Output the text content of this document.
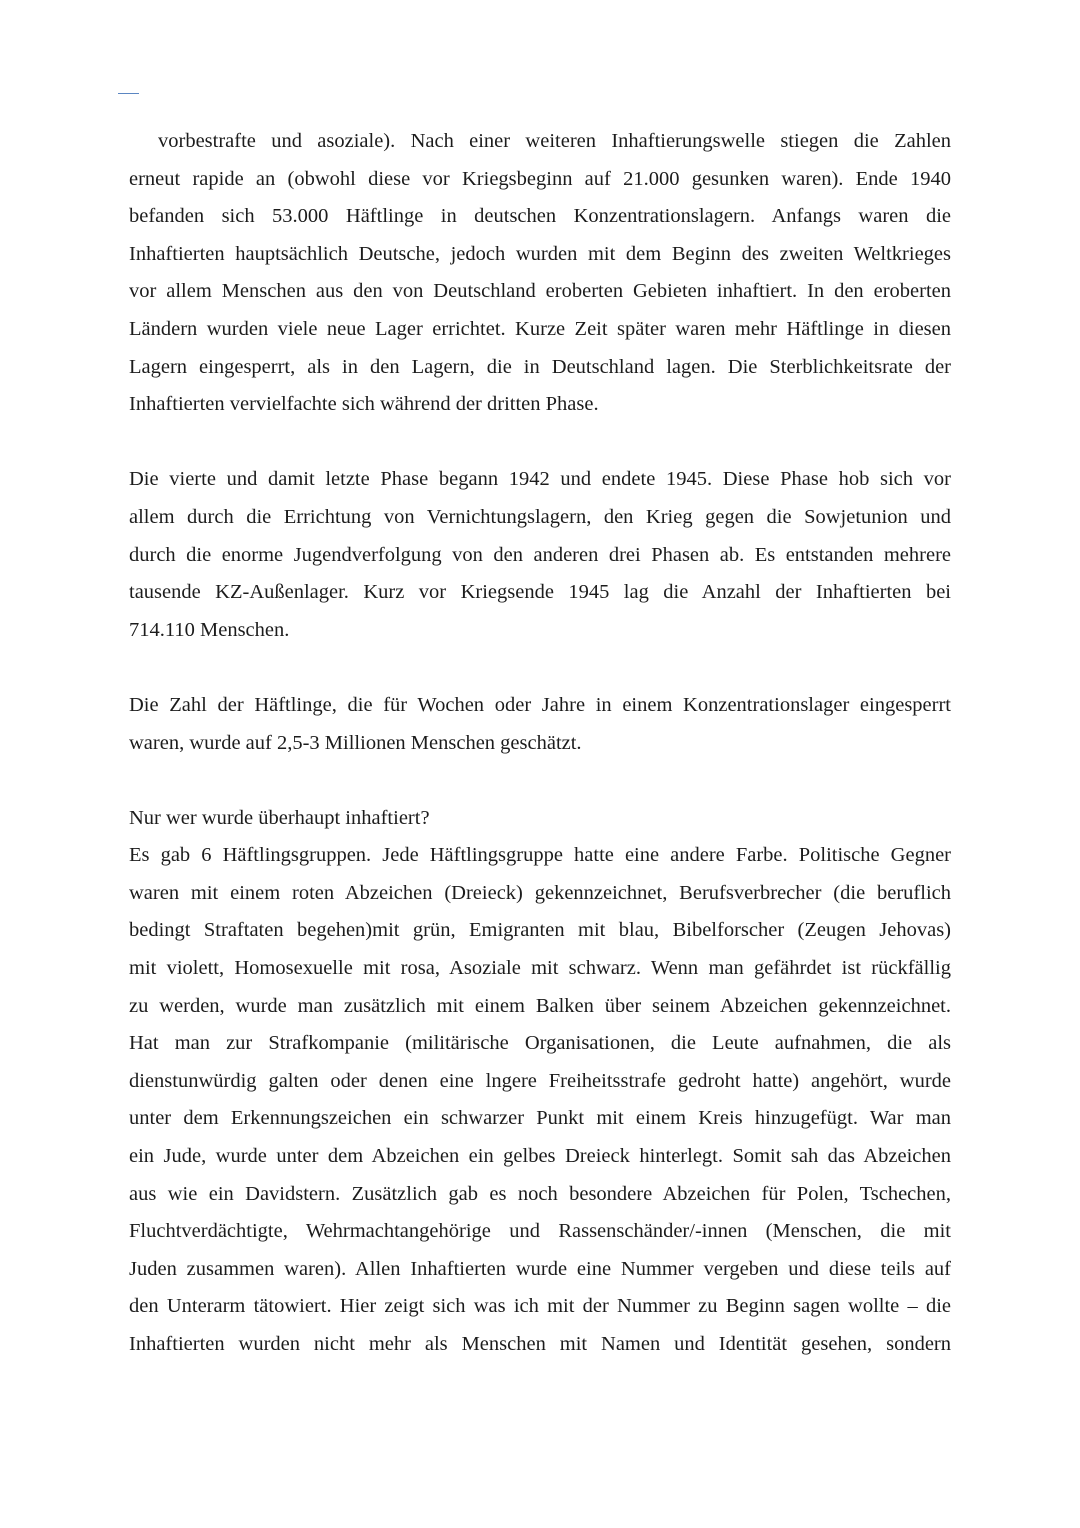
vorbestrafte und asoziale). Nach einer weiteren Inhaftierungswelle stiegen die Zahlen
erneut rapide an (obwohl diese vor Kriegsbeginn auf 21.000 gesunken waren). Ende 1940
befanden sich 53.000 Häftlinge in deutschen Konzentrationslagern. Anfangs waren die
Inhaftierten hauptsächlich Deutsche, jedoch wurden mit dem Beginn des zweiten Weltkrieges
vor allem Menschen aus den von Deutschland eroberten Gebieten inhaftiert. In den eroberten
Ländern wurden viele neue Lager errichtet. Kurze Zeit später waren mehr Häftlinge in diesen
Lagern eingesperrt, als in den Lagern, die in Deutschland lagen. Die Sterblichkeitsrate der
Inhaftierten vervielfachte sich während der dritten Phase.

Die vierte und damit letzte Phase begann 1942 und endete 1945. Diese Phase hob sich vor
allem durch die Errichtung von Vernichtungslagern, den Krieg gegen die Sowjetunion und
durch die enorme Jugendverfolgung von den anderen drei Phasen ab. Es entstanden mehrere
tausende KZ-Außenlager. Kurz vor Kriegsende 1945 lag die Anzahl der Inhaftierten bei
714.110 Menschen.

Die Zahl der Häftlinge, die für Wochen oder Jahre in einem Konzentrationslager eingesperrt
waren, wurde auf 2,5-3 Millionen Menschen geschätzt.

Nur wer wurde überhaupt inhaftiert?

Es gab 6 Häftlingsgruppen. Jede Häftlingsgruppe hatte eine andere Farbe. Politische Gegner
waren mit einem roten Abzeichen (Dreieck) gekennzeichnet, Berufsverbrecher (die beruflich
bedingt Straftaten begehen)mit grün, Emigranten mit blau, Bibelforscher (Zeugen Jehovas)
mit violett, Homosexuelle mit rosa, Asoziale mit schwarz. Wenn man gefährdet ist rückfällig
zu werden, wurde man zusätzlich mit einem Balken über seinem Abzeichen gekennzeichnet.
Hat man zur Strafkompanie (militärische Organisationen, die Leute aufnahmen, die als
dienstunwürdig galten oder denen eine lngere Freiheitsstrafe gedroht hatte) angehört, wurde
unter dem Erkennungszeichen ein schwarzer Punkt mit einem Kreis hinzugefügt. War man
ein Jude, wurde unter dem Abzeichen ein gelbes Dreieck hinterlegt. Somit sah das Abzeichen
aus wie ein Davidstern. Zusätzlich gab es noch besondere Abzeichen für Polen, Tschechen,
Fluchtverdächtigte, Wehrmachtangehörige und Rassenschänder/-innen (Menschen, die mit
Juden zusammen waren). Allen Inhaftierten wurde eine Nummer vergeben und diese teils auf
den Unterarm tätowiert. Hier zeigt sich was ich mit der Nummer zu Beginn sagen wollte – die
Inhaftierten wurden nicht mehr als Menschen mit Namen und Identität gesehen, sondern
